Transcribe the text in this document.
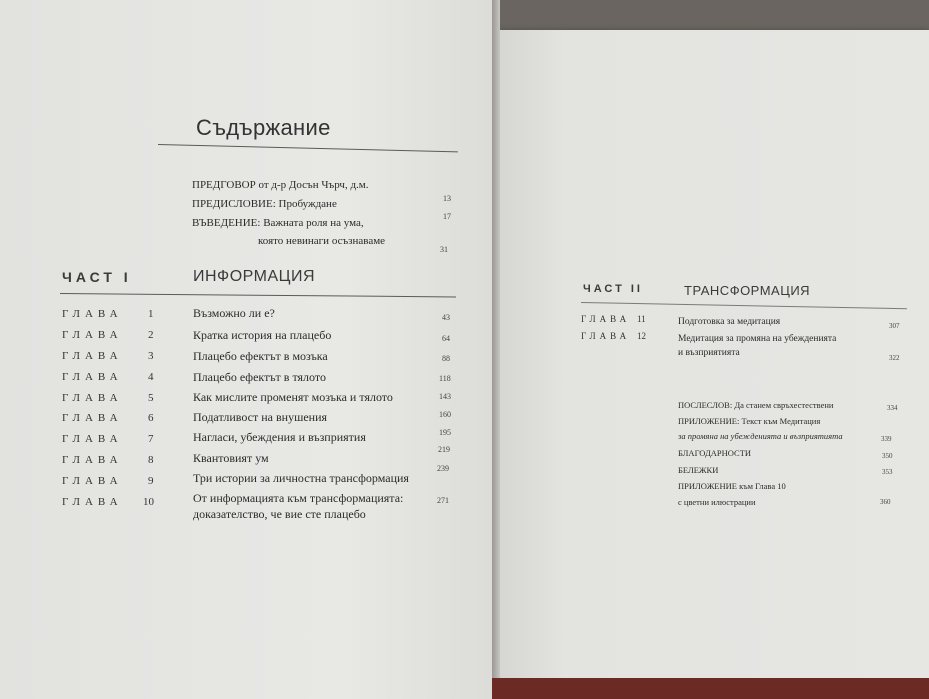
Съдържание
ПРЕДГОВОР от д-р Досън Чърч, д.м.
13
ПРЕДИСЛОВИЕ: Пробуждане
17
ВЪВЕДЕНИЕ: Важната роля на ума,
която невинаги осъзнаваме
31
ЧАСТ I	ИНФОРМАЦИЯ
ГЛАВА 1	Възможно ли е?	43
ГЛАВА 2	Кратка история на плацебо	64
ГЛАВА 3	Плацебо ефектът в мозъка	88
ГЛАВА 4	Плацебо ефектът в тялото	118
ГЛАВА 5	Как мислите променят мозъка и тялото	143
ГЛАВА 6	Податливост на внушения	160
ГЛАВА 7	Нагласи, убеждения и възприятия	195
ГЛАВА 8	Квантовият ум
219
ГЛАВА 9	Три истории за личностна трансформация
239
ГЛАВА 10	От информацията към трансформацията:
доказателство, че вие сте плацебо
271
ЧАСТ II	ТРАНСФОРМАЦИЯ
ГЛАВА 11	Подготовка за медитация	307
ГЛАВА 12	Медитация за промяна на убежденията
и възприятията	322
ПОСЛЕСЛОВ: Да станем свръхестествени	334
ПРИЛОЖЕНИЕ: Текст към Медитация
за промяна на убежденията и възприятията	339
БЛАГОДАРНОСТИ	350
БЕЛЕЖКИ	353
ПРИЛОЖЕНИЕ към Глава 10
с цветни илюстрации	360
